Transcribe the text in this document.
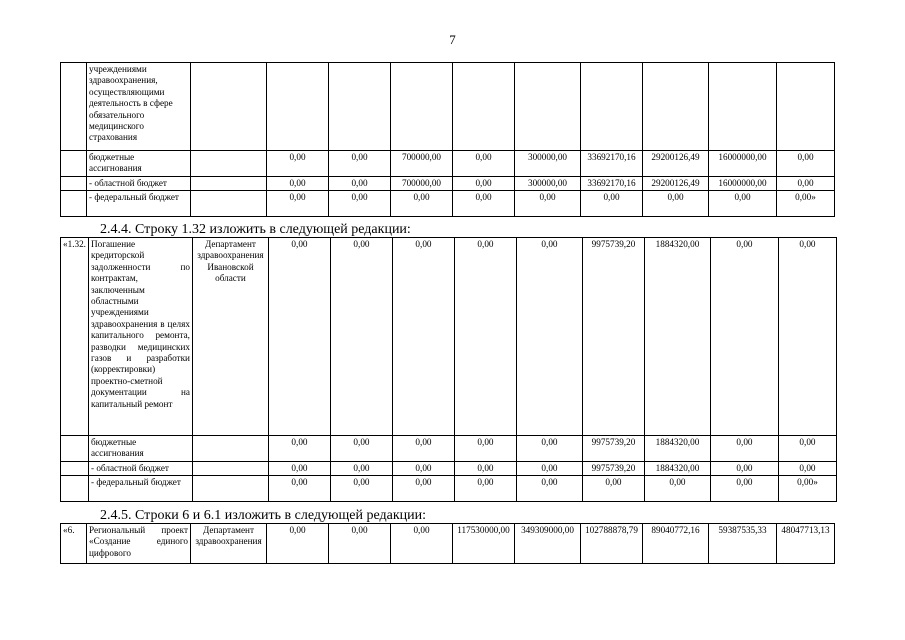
7
	учреждениями здравоохранения, осуществляющими деятельность в сфере обязательного медицинского страхования										
	бюджетные ассигнования		0,00	0,00	700000,00	0,00	300000,00	33692170,16	29200126,49	16000000,00	0,00
	- областной бюджет		0,00	0,00	700000,00	0,00	300000,00	33692170,16	29200126,49	16000000,00	0,00
	- федеральный бюджет		0,00	0,00	0,00	0,00	0,00	0,00	0,00	0,00	0,00»
2.4.4. Строку 1.32 изложить в следующей редакции:
«1.32.	Погашение кредиторской задолженности по контрактам, заключенным областными учреждениями здравоохранения в целях капитального ремонта, разводки медицинских газов и разработки (корректировки) проектно-сметной документации на капитальный ремонт	Департамент здравоохранения Ивановской области	0,00	0,00	0,00	0,00	0,00	9975739,20	1884320,00	0,00	0,00
	бюджетные ассигнования		0,00	0,00	0,00	0,00	0,00	9975739,20	1884320,00	0,00	0,00
	- областной бюджет		0,00	0,00	0,00	0,00	0,00	9975739,20	1884320,00	0,00	0,00
	- федеральный бюджет		0,00	0,00	0,00	0,00	0,00	0,00	0,00	0,00	0,00»
2.4.5. Строки 6 и 6.1 изложить в следующей редакции:
«6.	Региональный проект «Создание единого цифрового	Департамент здравоохранения	0,00	0,00	0,00	117530000,00	349309000,00	102788878,79	89040772,16	59387535,33	48047713,13
